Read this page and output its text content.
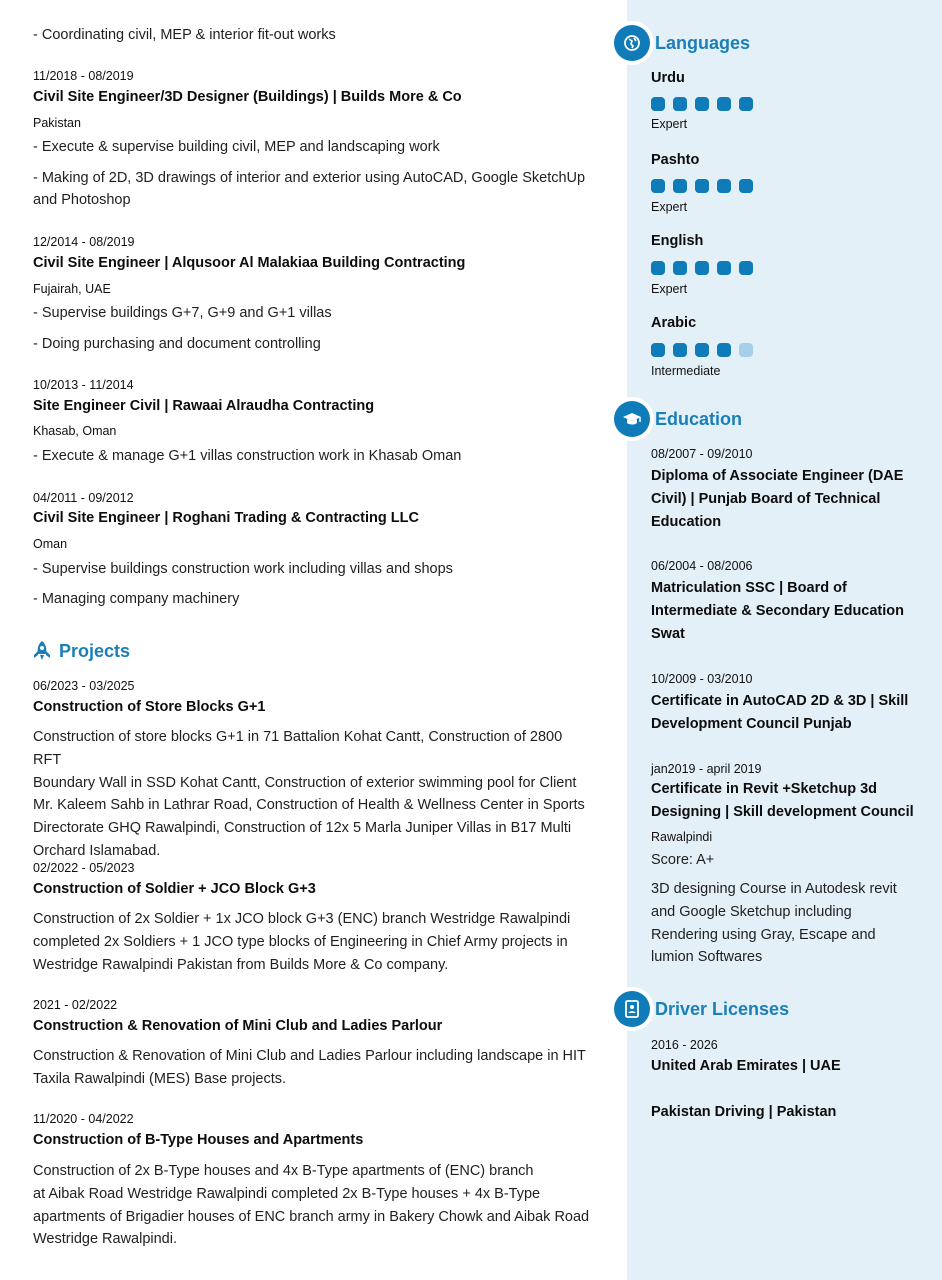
- Coordinating civil, MEP & interior fit-out works
11/2018 - 08/2019
Civil Site Engineer/3D Designer (Buildings) | Builds More & Co
Pakistan
- Execute & supervise building civil, MEP and landscaping work
- Making of 2D, 3D drawings of interior and exterior using AutoCAD, Google SketchUp
and Photoshop
12/2014 - 08/2019
Civil Site Engineer | Alqusoor Al Malakiaa Building Contracting
Fujairah, UAE
- Supervise buildings G+7, G+9 and G+1 villas
- Doing purchasing and document controlling
10/2013 - 11/2014
Site Engineer Civil | Rawaai Alraudha Contracting
Khasab, Oman
- Execute & manage G+1 villas construction work in Khasab Oman
04/2011 - 09/2012
Civil Site Engineer | Roghani Trading & Contracting LLC
Oman
- Supervise buildings construction work including villas and shops
- Managing company machinery
Projects
06/2023 - 03/2025
Construction of Store Blocks G+1
Construction of store blocks G+1 in 71 Battalion Kohat Cantt, Construction of 2800 RFT
Boundary Wall in SSD Kohat Cantt, Construction of exterior swimming pool for Client
Mr. Kaleem Sahb in Lathrar Road, Construction of Health & Wellness Center in Sports
Directorate GHQ Rawalpindi, Construction of 12x 5 Marla Juniper Villas in B17 Multi
Orchard Islamabad.
02/2022 - 05/2023
Construction of Soldier + JCO Block G+3
Construction of 2x Soldier + 1x JCO block G+3 (ENC) branch Westridge Rawalpindi
completed 2x Soldiers + 1 JCO type blocks of Engineering in Chief Army projects in
Westridge Rawalpindi Pakistan from Builds More & Co company.
2021 - 02/2022
Construction & Renovation of Mini Club and Ladies Parlour
Construction & Renovation of Mini Club and Ladies Parlour including landscape in HIT
Taxila Rawalpindi (MES) Base projects.
11/2020 - 04/2022
Construction of B-Type Houses and Apartments
Construction of 2x B-Type houses and 4x B-Type apartments of (ENC) branch
at Aibak Road Westridge Rawalpindi completed 2x B-Type houses + 4x B-Type
apartments of Brigadier houses of ENC branch army in Bakery Chowk and Aibak Road
Westridge Rawalpindi.
Languages
Urdu
Expert
Pashto
Expert
English
Expert
Arabic
Intermediate
Education
08/2007 - 09/2010
Diploma of Associate Engineer (DAE
Civil) | Punjab Board of Technical
Education
06/2004 - 08/2006
Matriculation SSC | Board of
Intermediate & Secondary Education
Swat
10/2009 - 03/2010
Certificate in AutoCAD 2D & 3D | Skill
Development Council Punjab
jan2019 - april 2019
Certificate in Revit +Sketchup 3d
Designing | Skill development Council
Rawalpindi
Score: A+
3D designing Course in Autodesk revit
and Google Sketchup including
Rendering using Gray, Escape and
lumion Softwares
Driver Licenses
2016 - 2026
United Arab Emirates | UAE
Pakistan Driving | Pakistan
